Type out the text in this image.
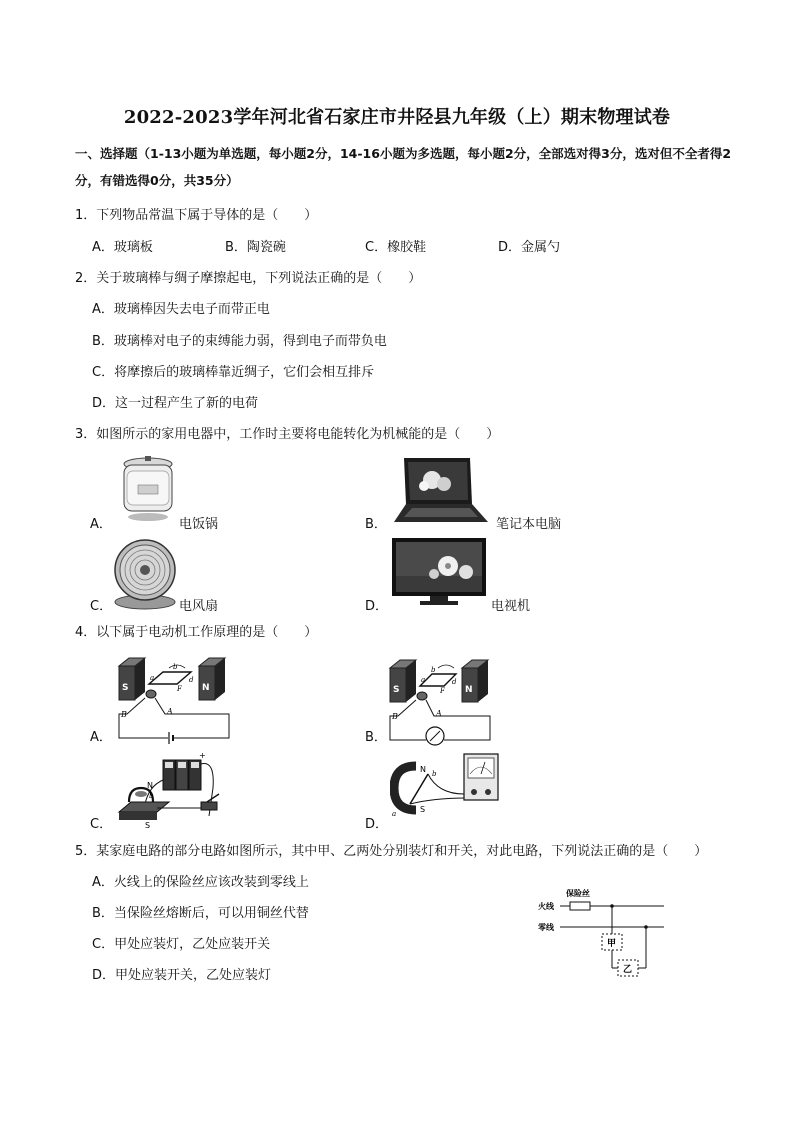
2022-2023学年河北省石家庄市井陉县九年级（上）期末物理试卷
一、选择题（1-13小题为单选题，每小题2分，14-16小题为多选题，每小题2分，全部选对得3分，选对但不全者得2分，有错选得0分，共35分）
1．下列物品常温下属于导体的是（　　）
A．玻璃板	B．陶瓷碗	C．橡胶鞋	D．金属勺
2．关于玻璃棒与绸子摩擦起电，下列说法正确的是（　　）
A．玻璃棒因失去电子而带正电
B．玻璃棒对电子的束缚能力弱，得到电子而带负电
C．将摩擦后的玻璃棒靠近绸子，它们会相互排斥
D．这一过程产生了新的电荷
3．如图所示的家用电器中，工作时主要将电能转化为机械能的是（　　）
A．	电饭锅	B．	笔记本电脑
C．	电风扇	D．	电视机
4．以下属于电动机工作原理的是（　　）
S	N
b
a
F
d
B	A
A．
S	N
b
a
F
d
B	A
B．
+
N
b
S
C．
N
S
b
a
D．
5．某家庭电路的部分电路如图所示，其中甲、乙两处分别装灯和开关，对此电路，下列说法正确的是（　　）
A．火线上的保险丝应该改装到零线上
B．当保险丝熔断后，可以用铜丝代替
C．甲处应装灯，乙处应装开关
D．甲处应装开关，乙处应装灯
火线
零线
保险丝
甲
乙
